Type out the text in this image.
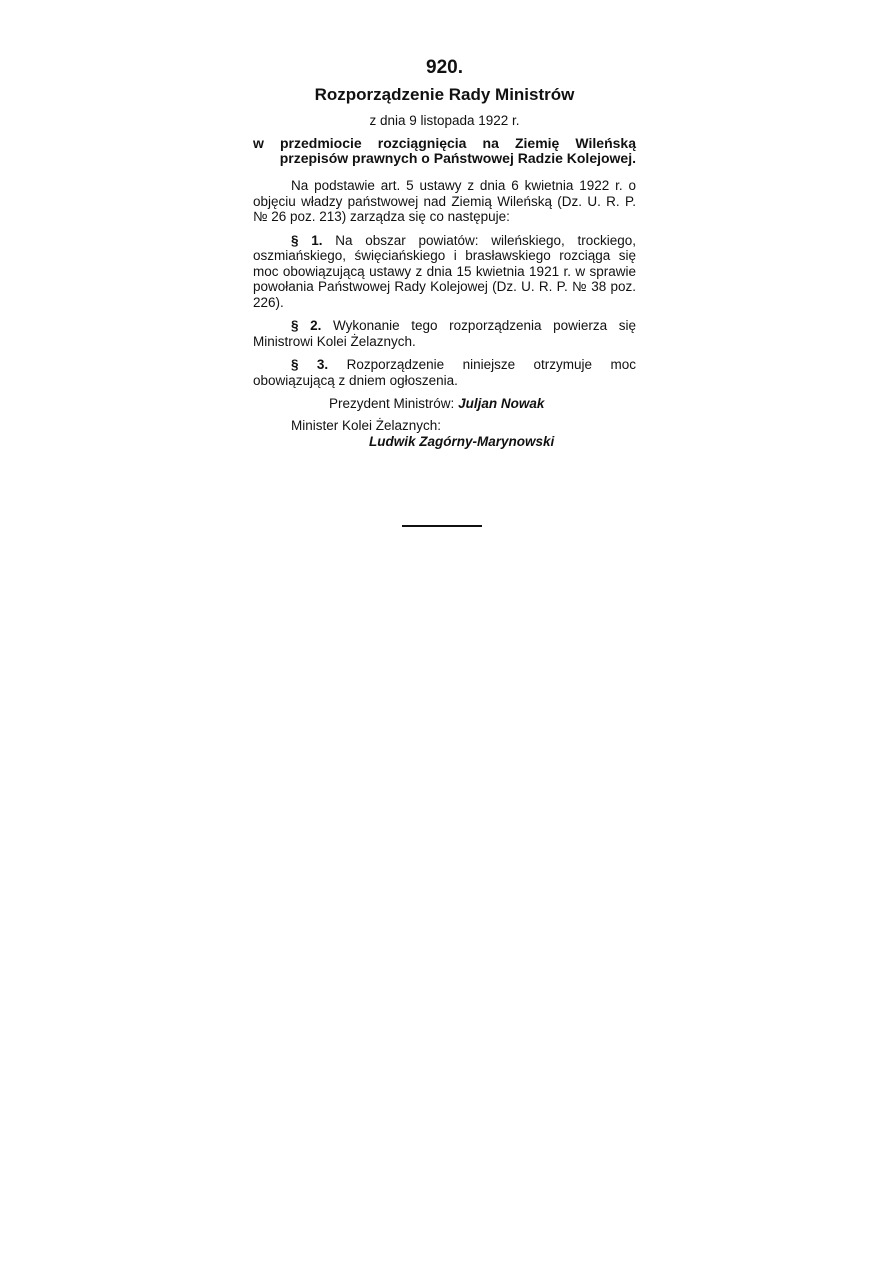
920.
Rozporządzenie Rady Ministrów
z dnia 9 listopada 1922 r.
w przedmiocie rozciągnięcia na Ziemię Wileńską przepisów prawnych o Państwowej Radzie Kolejowej.

Na podstawie art. 5 ustawy z dnia 6 kwietnia 1922 r. o objęciu władzy państwowej nad Ziemią Wileńską (Dz. U. R. P. № 26 poz. 213) zarządza się co następuje:

§ 1. Na obszar powiatów: wileńskiego, trockiego, oszmiańskiego, święciańskiego i brasławskiego rozciąga się moc obowiązującą ustawy z dnia 15 kwietnia 1921 r. w sprawie powołania Państwowej Rady Kolejowej (Dz. U. R. P. № 38 poz. 226).

§ 2. Wykonanie tego rozporządzenia powierza się Ministrowi Kolei Żelaznych.

§ 3. Rozporządzenie niniejsze otrzymuje moc obowiązującą z dniem ogłoszenia.

Prezydent Ministrów: Juljan Nowak
Minister Kolei Żelaznych:
Ludwik Zagórny-Marynowski
